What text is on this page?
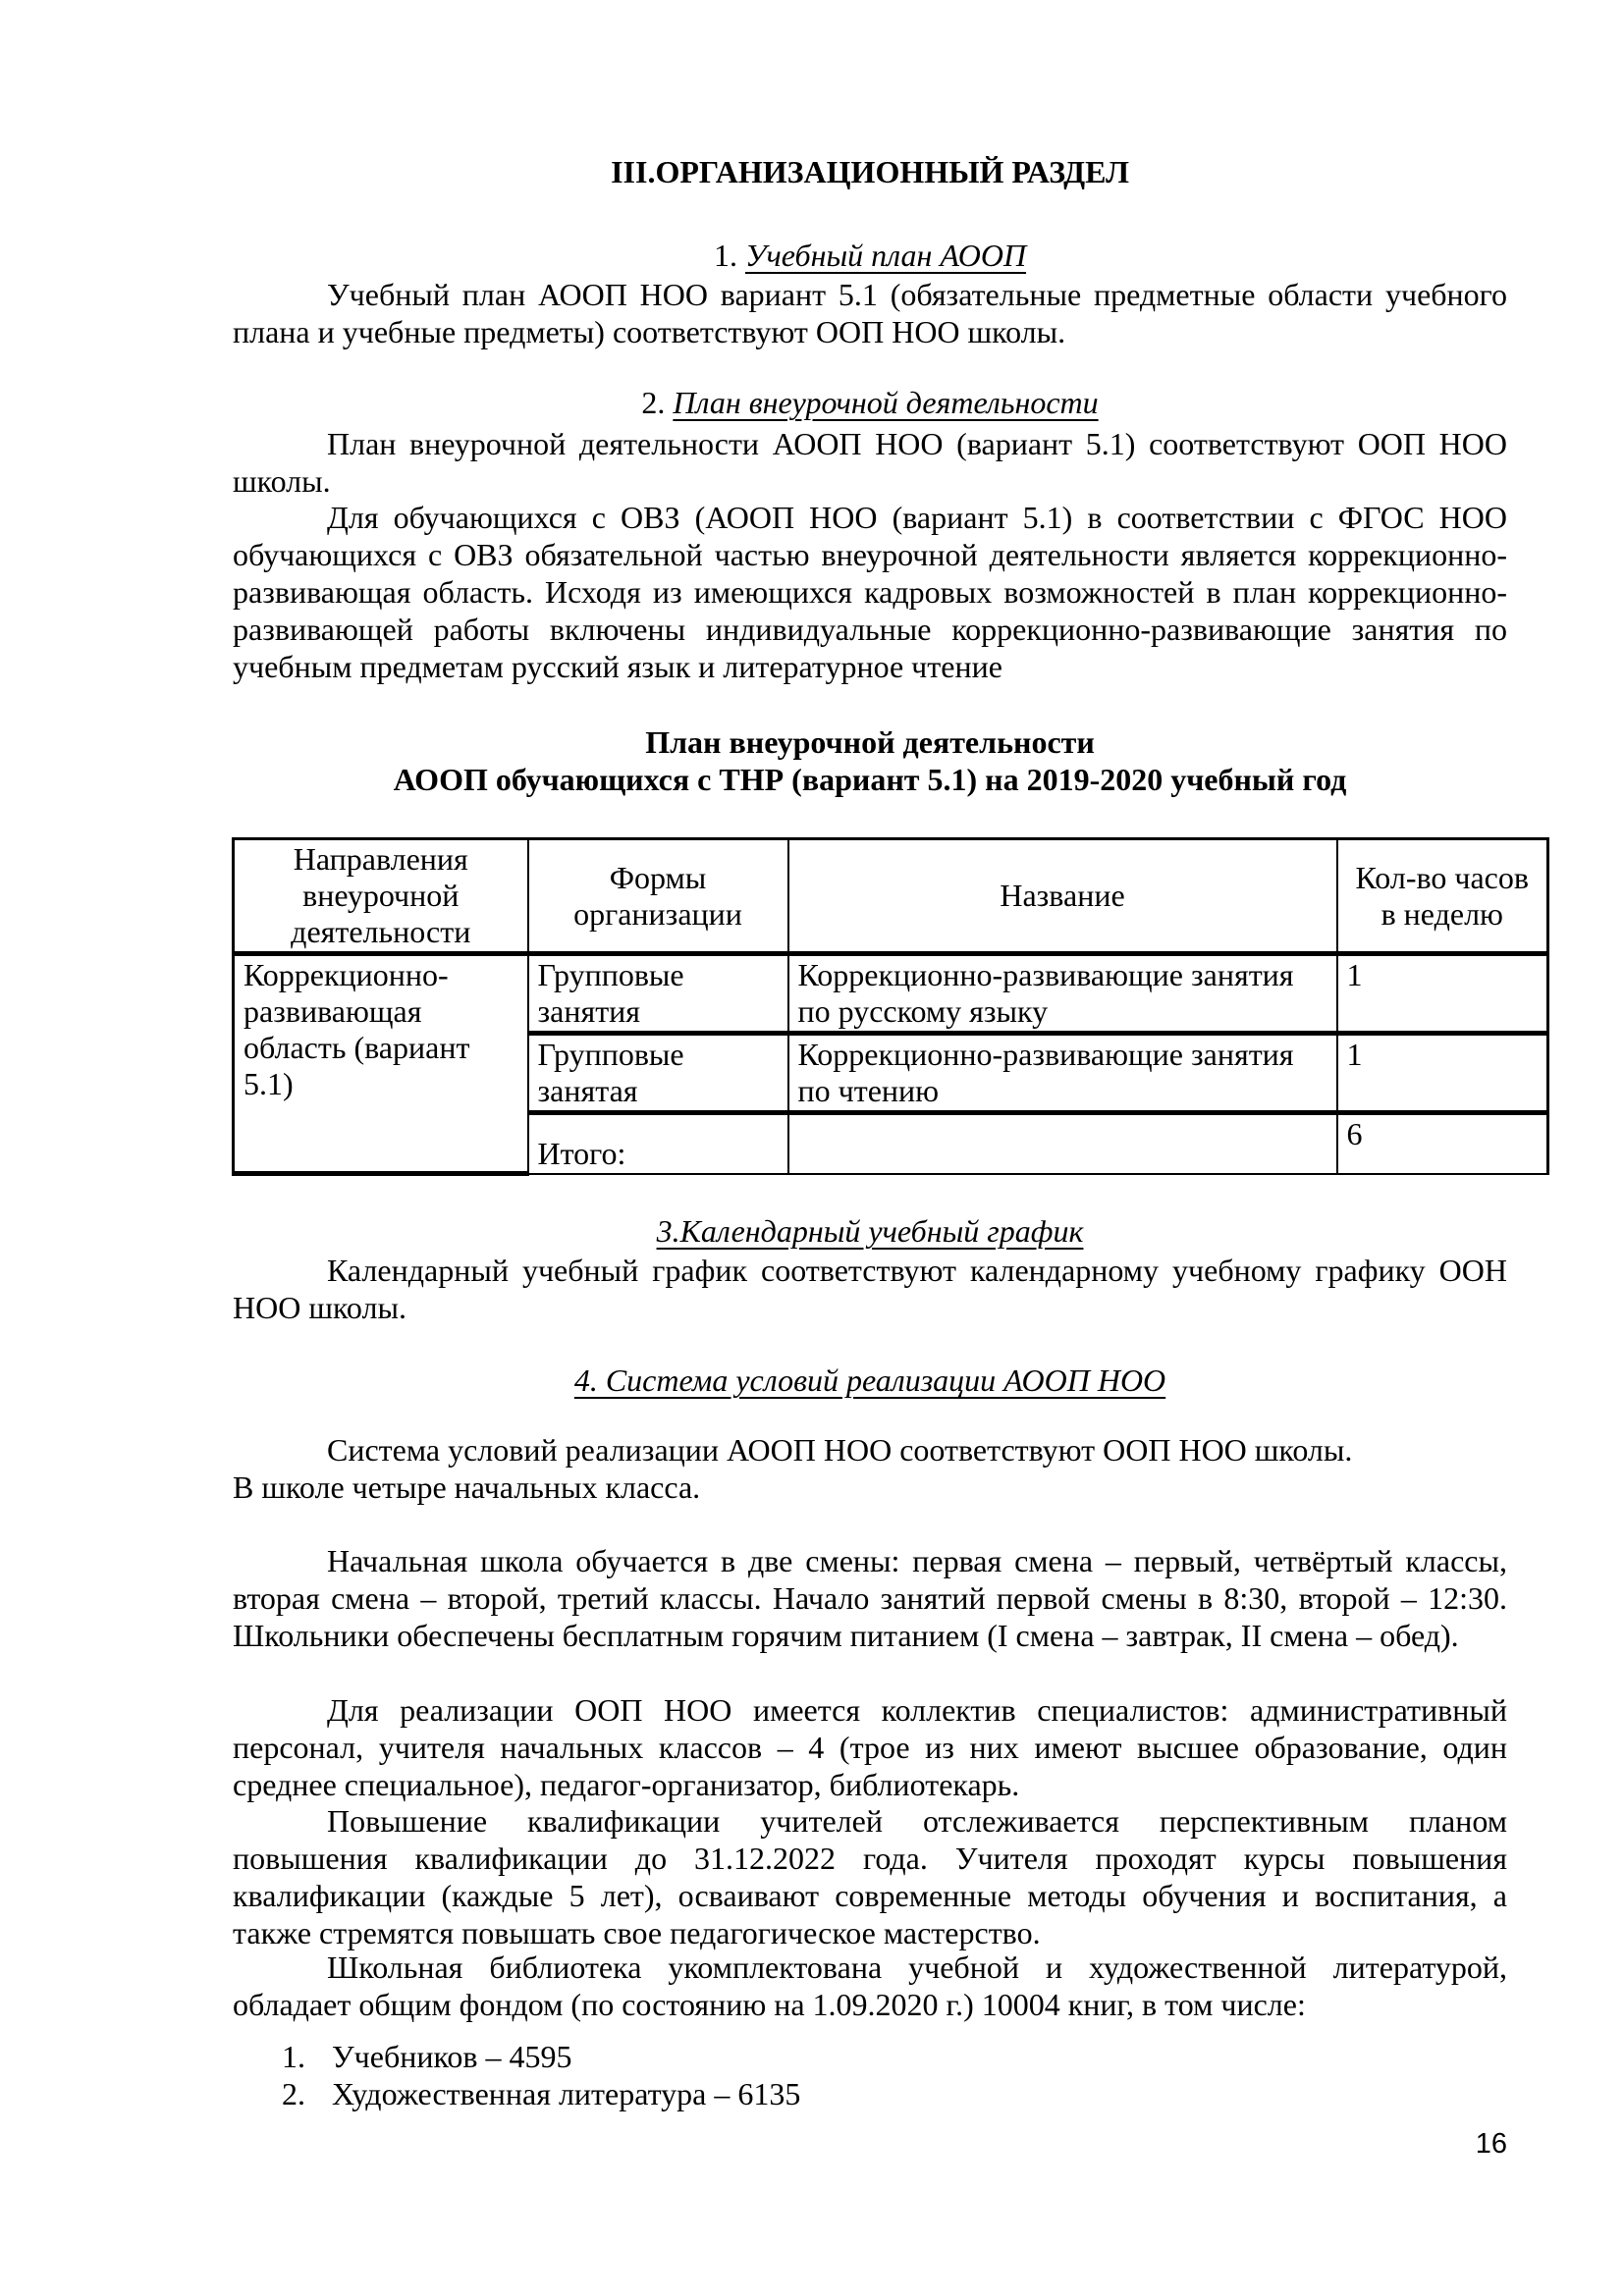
III.ОРГАНИЗАЦИОННЫЙ РАЗДЕЛ
1. Учебный план АООП

Учебный план АООП НОО вариант 5.1 (обязательные предметные области учебного плана и учебные предметы) соответствуют ООП НОО школы.

2. План внеурочной деятельности

План внеурочной деятельности АООП НОО (вариант 5.1) соответствуют ООП НОО школы.

Для обучающихся с ОВЗ (АООП НОО (вариант 5.1) в соответствии с ФГОС НОО обучающихся с ОВЗ обязательной частью внеурочной деятельности является коррекционно-развивающая область. Исходя из имеющихся кадровых возможностей в план коррекционно-развивающей работы включены индивидуальные коррекционно-развивающие занятия по учебным предметам русский язык и литературное чтение

План внеурочной деятельности
АООП обучающихся с ТНР (вариант 5.1) на 2019-2020 учебный год
3.Календарный учебный график

Календарный учебный график соответствуют календарному учебному графику ООН НОО школы.

4. Система условий реализации АООП НОО

Система условий реализации АООП НОО соответствуют ООП НОО школы.

В школе четыре начальных класса.

Начальная школа обучается в две смены: первая смена – первый, четвёртый классы, вторая смена – второй, третий классы. Начало занятий первой смены в 8:30, второй – 12:30. Школьники обеспечены бесплатным горячим питанием (I смена – завтрак, II смена – обед).

Для реализации ООП НОО имеется коллектив специалистов: административный персонал, учителя начальных классов – 4 (трое из них имеют высшее образование, один среднее специальное), педагог-организатор, библиотекарь.

Повышение квалификации учителей отслеживается перспективным планом повышения квалификации до 31.12.2022 года. Учителя проходят курсы повышения квалификации (каждые 5 лет), осваивают современные методы обучения и воспитания, а также стремятся повышать свое педагогическое мастерство.

Школьная библиотека укомплектована учебной и художественной литературой, обладает общим фондом (по состоянию на 1.09.2020 г.) 10004 книг, в том числе:

1. Учебников – 4595
2. Художественная литература – 6135
Направления внеурочной деятельности	Формы организации	Название	Кол-во часов в неделю
Коррекционно-развивающая область (вариант 5.1)	Групповые занятия	Коррекционно-развивающие занятия по русскому языку	1
	Групповые занятая	Коррекционно-развивающие занятия по чтению	1
	Итого:		6
16
